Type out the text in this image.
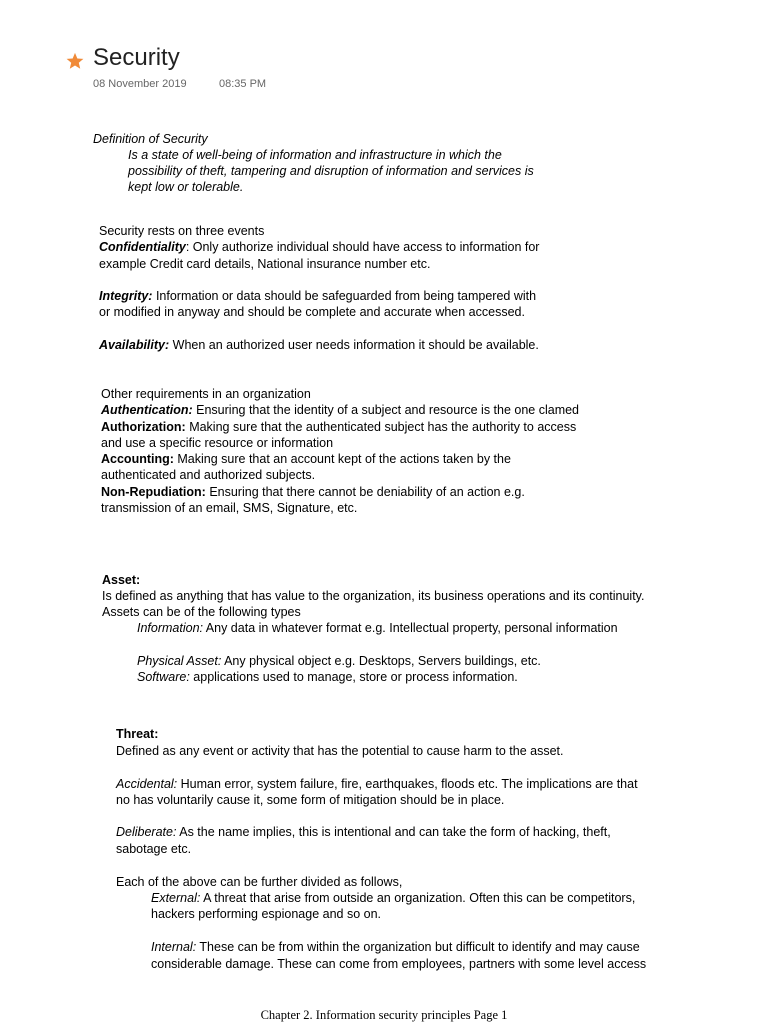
Security
08 November 2019	08:35 PM
Definition of Security
Is a state of well-being of information and infrastructure in which the
possibility of theft, tampering and disruption of information and services is
kept low or tolerable.
Security rests on three events
Confidentiality: Only authorize individual should have access to information for
example Credit card details, National insurance number etc.
Integrity: Information or data should be safeguarded from being tampered with
or modified in anyway and should be complete and accurate when accessed.
Availability: When an authorized user needs information it should be available.
Other requirements in an organization
Authentication: Ensuring that the identity of a subject and resource is the one clamed
Authorization: Making sure that the authenticated subject has the authority to access
and use a specific resource or information
Accounting: Making sure that an account kept of the actions taken by the
authenticated and authorized subjects.
Non-Repudiation: Ensuring that there cannot be deniability of an action e.g.
transmission of an email, SMS, Signature, etc.
Asset:
Is defined as anything that has value to the organization, its business operations and its continuity.
Assets can be of the following types
Information: Any data in whatever format e.g. Intellectual property, personal information
Physical Asset: Any physical object e.g. Desktops, Servers buildings, etc.
Software: applications used to manage, store or process information.
Threat:
Defined as any event or activity that has the potential to cause harm to the asset.
Accidental: Human error, system failure, fire, earthquakes, floods etc. The implications are that
no has voluntarily cause it, some form of mitigation should be in place.
Deliberate: As the name implies, this is intentional and can take the form of hacking, theft,
sabotage etc.
Each of the above can be further divided as follows,
External: A threat that arise from outside an organization. Often this can be competitors,
hackers performing espionage and so on.
Internal: These can be from within the organization but difficult to identify and may cause
considerable damage. These can come from employees, partners with some level access
Chapter 2. Information security principles Page 1
